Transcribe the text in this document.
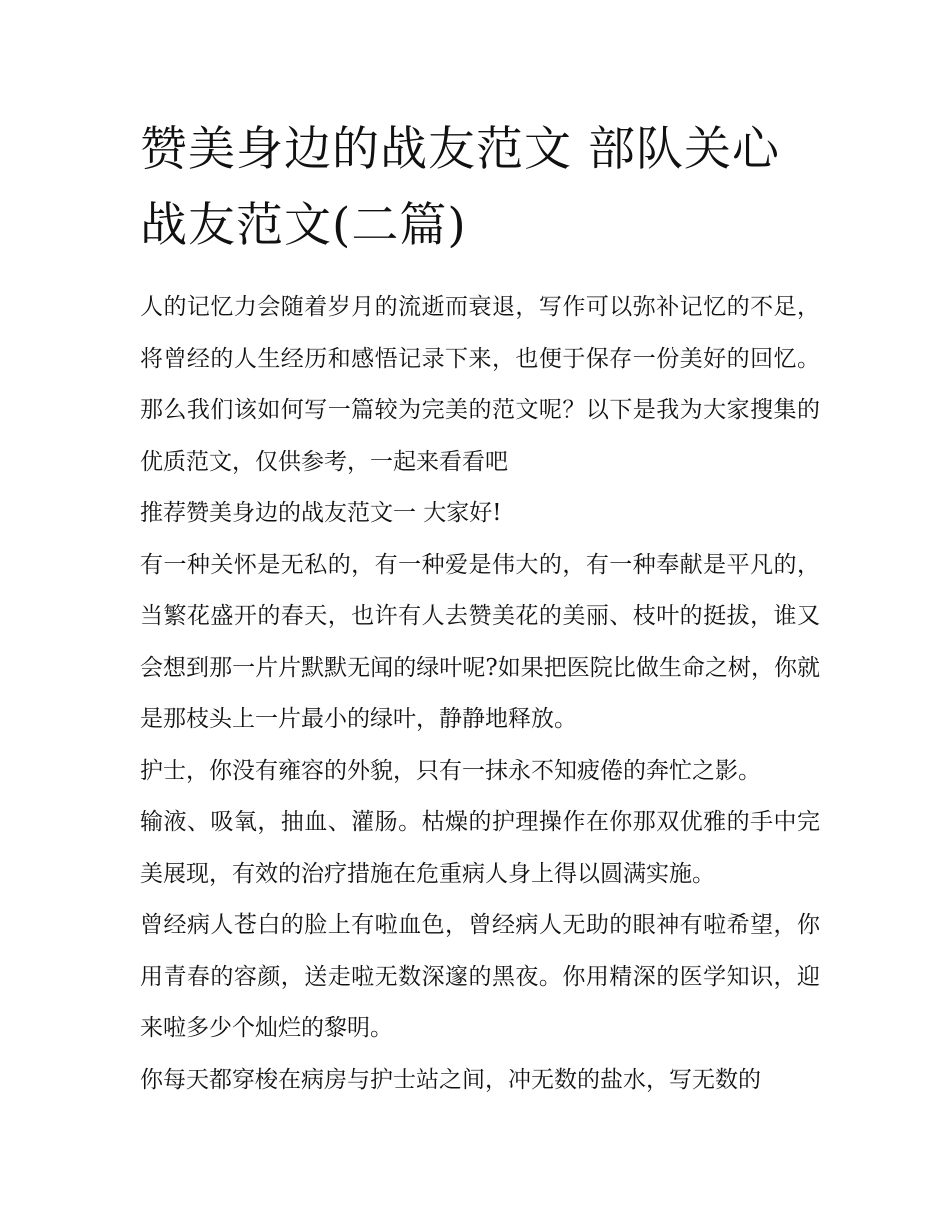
赞美身边的战友范文 部队关心战友范文(二篇)

人的记忆力会随着岁月的流逝而衰退，写作可以弥补记忆的不足，将曾经的人生经历和感悟记录下来，也便于保存一份美好的回忆。那么我们该如何写一篇较为完美的范文呢？以下是我为大家搜集的优质范文，仅供参考，一起来看看吧

推荐赞美身边的战友范文一 大家好!

有一种关怀是无私的，有一种爱是伟大的，有一种奉献是平凡的，当繁花盛开的春天，也许有人去赞美花的美丽、枝叶的挺拔，谁又会想到那一片片默默无闻的绿叶呢?如果把医院比做生命之树，你就是那枝头上一片最小的绿叶，静静地释放。

护士，你没有雍容的外貌，只有一抹永不知疲倦的奔忙之影。

输液、吸氧，抽血、灌肠。枯燥的护理操作在你那双优雅的手中完美展现，有效的治疗措施在危重病人身上得以圆满实施。

曾经病人苍白的脸上有啦血色，曾经病人无助的眼神有啦希望，你用青春的容颜，送走啦无数深邃的黑夜。你用精深的医学知识，迎来啦多少个灿烂的黎明。

你每天都穿梭在病房与护士站之间，冲无数的盐水，写无数的
